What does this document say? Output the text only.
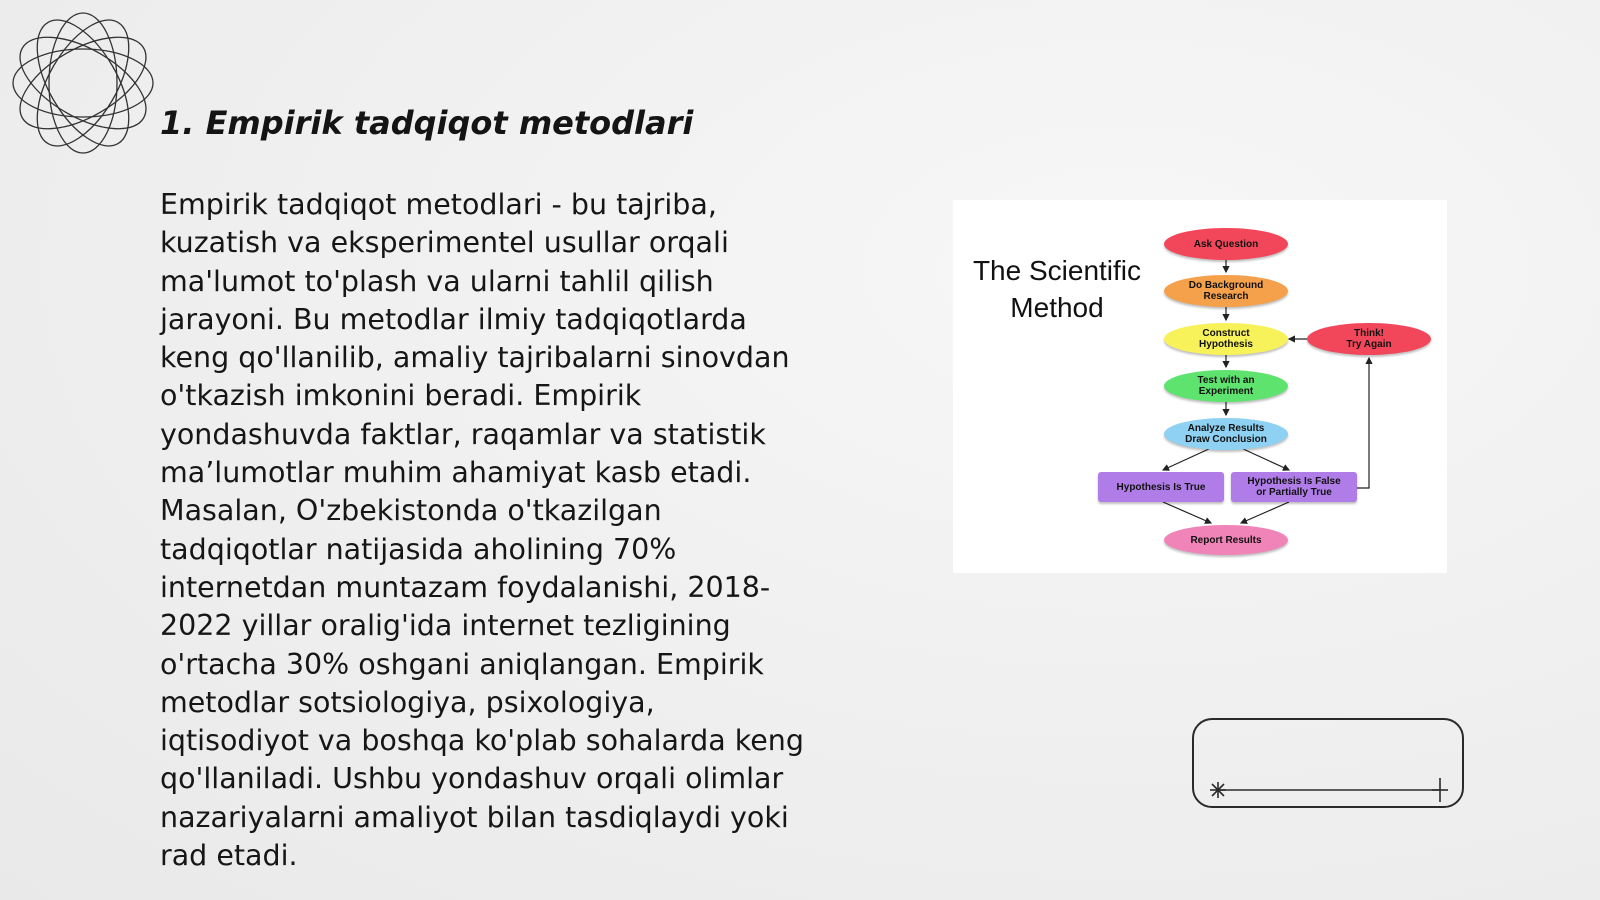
1. Empirik tadqiqot metodlari
Empirik tadqiqot metodlari - bu tajriba,
kuzatish va eksperimentel usullar orqali
ma'lumot to'plash va ularni tahlil qilish
jarayoni. Bu metodlar ilmiy tadqiqotlarda
keng qo'llanilib, amaliy tajribalarni sinovdan
o'tkazish imkonini beradi. Empirik
yondashuvda faktlar, raqamlar va statistik
ma’lumotlar muhim ahamiyat kasb etadi.
Masalan, O'zbekistonda o'tkazilgan
tadqiqotlar natijasida aholining 70%
internetdan muntazam foydalanishi, 2018-
2022 yillar oralig'ida internet tezligining
o'rtacha 30% oshgani aniqlangan. Empirik
metodlar sotsiologiya, psixologiya,
iqtisodiyot va boshqa ko'plab sohalarda keng
qo'llaniladi. Ushbu yondashuv orqali olimlar
nazariyalarni amaliyot bilan tasdiqlaydi yoki
rad etadi.
The Scientific
Method
Ask Question
Do Background
Research
Construct
Hypothesis
Test with an
Experiment
Analyze Results
Draw Conclusion
Hypothesis Is True	Hypothesis Is False
or Partially True
Report Results
Think!
Try Again
